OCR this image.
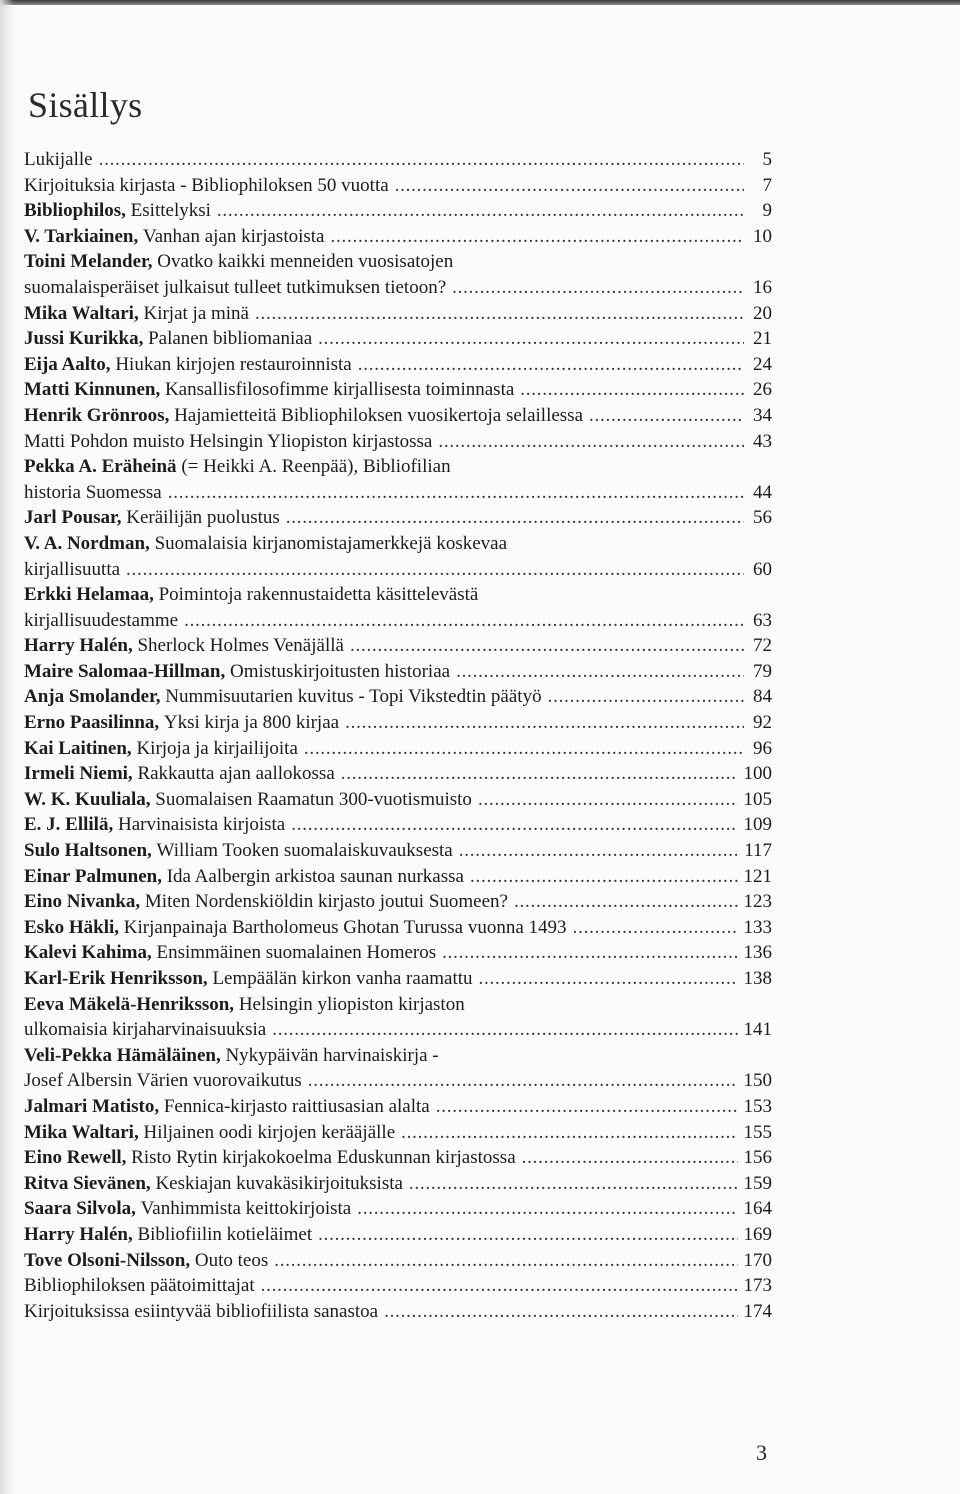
Sisällys
Lukijalle . . .	5
Kirjoituksia kirjasta - Bibliophiloksen 50 vuotta . . .	7
Bibliophilos, Esittelyksi . . .	9
V. Tarkiainen, Vanhan ajan kirjastoista . . .	10
Toini Melander, Ovatko kaikki menneiden vuosisatojen
suomalaisperäiset julkaisut tulleet tutkimuksen tietoon? . . .	16
Mika Waltari, Kirjat ja minä . . .	20
Jussi Kurikka, Palanen bibliomaniaa . . .	21
Eija Aalto, Hiukan kirjojen restauroinnista . . .	24
Matti Kinnunen, Kansallisfilosofimme kirjallisesta toiminnasta . . .	26
Henrik Grönroos, Hajamietteitä Bibliophiloksen vuosikertoja selaillessa . . .	34
Matti Pohdon muisto Helsingin Yliopiston kirjastossa . . .	43
Pekka A. Eräheinä (= Heikki A. Reenpää), Bibliofilian
historia Suomessa . . .	44
Jarl Pousar, Keräilijän puolustus . . .	56
V. A. Nordman, Suomalaisia kirjanomistajamerkkejä koskevaa
kirjallisuutta . . .	60
Erkki Helamaa, Poimintoja rakennustaidetta käsittelevästä
kirjallisuudestamme . . .	63
Harry Halén, Sherlock Holmes Venäjällä . . .	72
Maire Salomaa-Hillman, Omistuskirjoitusten historiaa . . .	79
Anja Smolander, Nummisuutarien kuvitus - Topi Vikstedtin päätyö . . .	84
Erno Paasilinna, Yksi kirja ja 800 kirjaa . . .	92
Kai Laitinen, Kirjoja ja kirjailijoita . . .	96
Irmeli Niemi, Rakkautta ajan aallokossa . . .	100
W. K. Kuuliala, Suomalaisen Raamatun 300-vuotismuisto . . .	105
E. J. Ellilä, Harvinaisista kirjoista . . .	109
Sulo Haltsonen, William Tooken suomalaiskuvauksesta . . .	117
Einar Palmunen, Ida Aalbergin arkistoa saunan nurkassa . . .	121
Eino Nivanka, Miten Nordenskiöldin kirjasto joutui Suomeen? . . .	123
Esko Häkli, Kirjanpainaja Bartholomeus Ghotan Turussa vuonna 1493 . . .	133
Kalevi Kahima, Ensimmäinen suomalainen Homeros . . .	136
Karl-Erik Henriksson, Lempäälän kirkon vanha raamattu . . .	138
Eeva Mäkelä-Henriksson, Helsingin yliopiston kirjaston
ulkomaisia kirjaharvinaisuuksia . . .	141
Veli-Pekka Hämäläinen, Nykypäivän harvinaiskirja -
Josef Albersin Värien vuorovaikutus . . .	150
Jalmari Matisto, Fennica-kirjasto raittiusasian alalta . . .	153
Mika Waltari, Hiljainen oodi kirjojen kerääjälle . . .	155
Eino Rewell, Risto Rytin kirjakokoelma Eduskunnan kirjastossa . . .	156
Ritva Sievänen, Keskiajan kuvakäsikirjoituksista . . .	159
Saara Silvola, Vanhimmista keittokirjoista . . .	164
Harry Halén, Bibliofiilin kotieläimet . . .	169
Tove Olsoni-Nilsson, Outo teos . . .	170
Bibliophiloksen päätoimittajat . . .	173
Kirjoituksissa esiintyvää bibliofiilista sanastoa . . .	174
3
